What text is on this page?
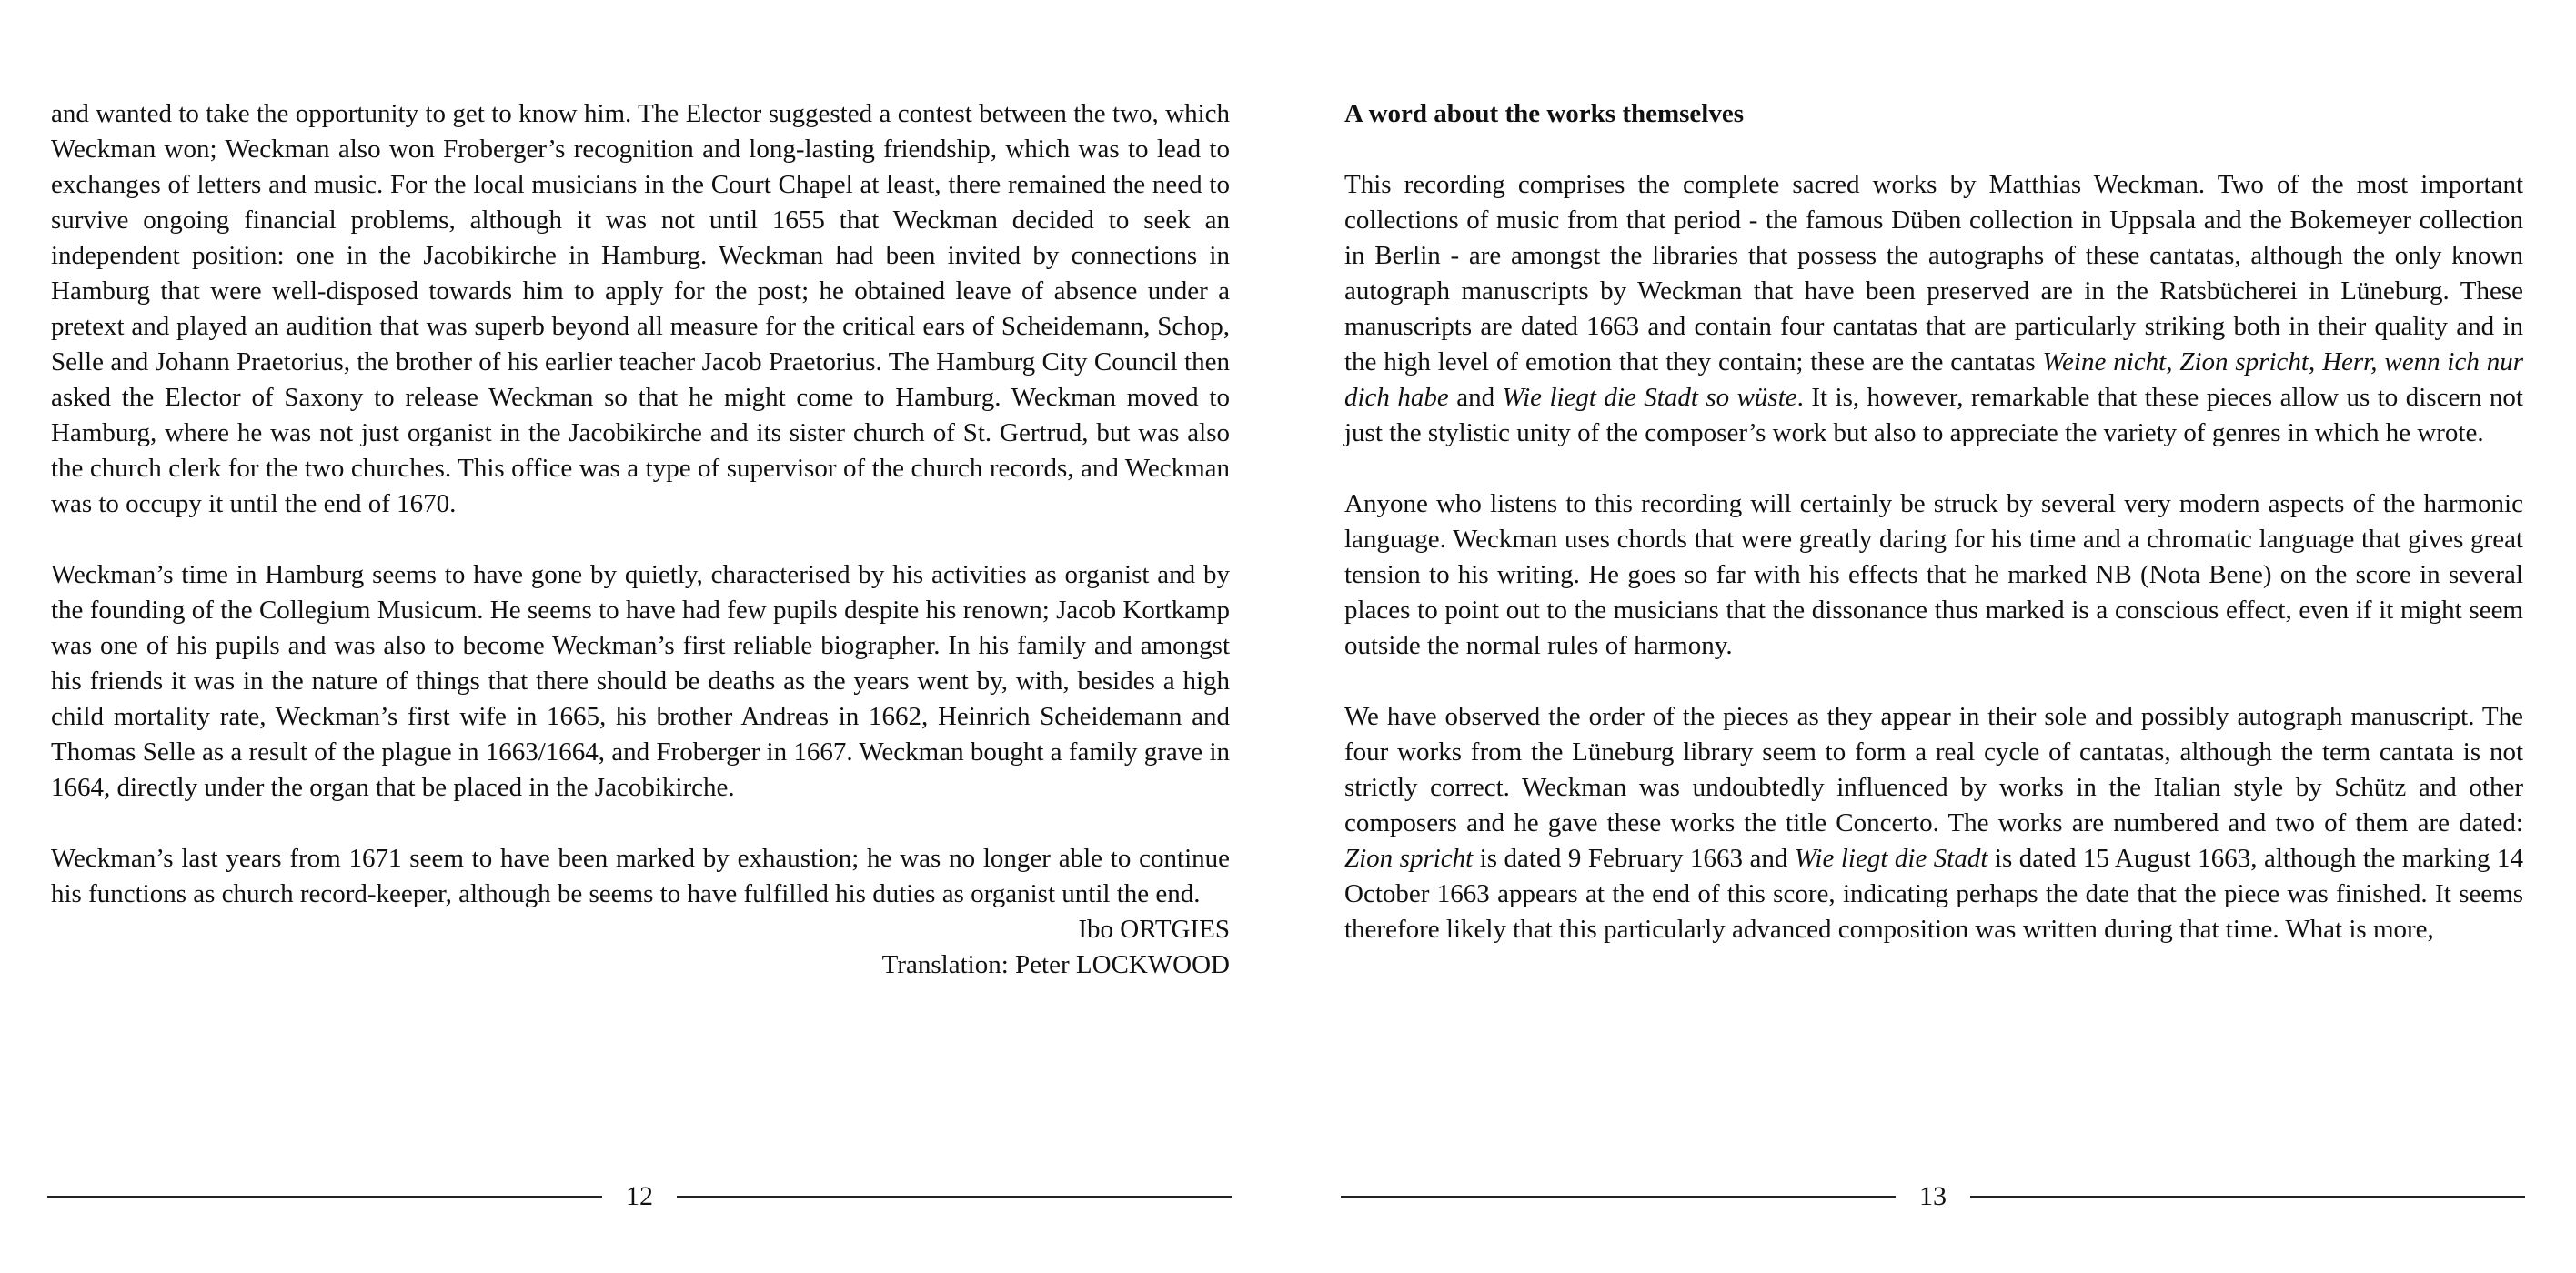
and wanted to take the opportunity to get to know him. The Elector suggested a contest between the two, which Weckman won; Weckman also won Froberger’s recognition and long-lasting friendship, which was to lead to exchanges of letters and music. For the local musicians in the Court Chapel at least, there remained the need to survive ongoing financial problems, although it was not until 1655 that Weckman decided to seek an independent position: one in the Jacobikirche in Hamburg. Weckman had been invited by connections in Hamburg that were well-disposed towards him to apply for the post; he obtained leave of absence under a pretext and played an audition that was superb beyond all measure for the critical ears of Scheidemann, Schop, Selle and Johann Praetorius, the brother of his earlier teacher Jacob Praetorius. The Hamburg City Council then asked the Elector of Saxony to release Weckman so that he might come to Hamburg. Weckman moved to Hamburg, where he was not just organist in the Jacobikirche and its sister church of St. Gertrud, but was also the church clerk for the two churches. This office was a type of supervisor of the church records, and Weckman was to occupy it until the end of 1670.

Weckman’s time in Hamburg seems to have gone by quietly, characterised by his activities as organist and by the founding of the Collegium Musicum. He seems to have had few pupils despite his renown; Jacob Kortkamp was one of his pupils and was also to become Weckman’s first reliable biographer. In his family and amongst his friends it was in the nature of things that there should be deaths as the years went by, with, besides a high child mortality rate, Weckman’s first wife in 1665, his brother Andreas in 1662, Heinrich Scheidemann and Thomas Selle as a result of the plague in 1663/1664, and Froberger in 1667. Weckman bought a family grave in 1664, directly under the organ that be placed in the Jacobikirche.

Weckman’s last years from 1671 seem to have been marked by exhaustion; he was no longer able to continue his functions as church record-keeper, although be seems to have fulfilled his duties as organist until the end.

Ibo ORTGIES

Translation: Peter LOCKWOOD

12

A word about the works themselves

This recording comprises the complete sacred works by Matthias Weckman. Two of the most important collections of music from that period - the famous Düben collection in Uppsala and the Bokemeyer collection in Berlin - are amongst the libraries that possess the autographs of these cantatas, although the only known autograph manuscripts by Weckman that have been preserved are in the Ratsbücherei in Lüneburg. These manuscripts are dated 1663 and contain four cantatas that are particularly striking both in their quality and in the high level of emotion that they contain; these are the cantatas Weine nicht, Zion spricht, Herr, wenn ich nur dich habe and Wie liegt die Stadt so wüste. It is, however, remarkable that these pieces allow us to discern not just the stylistic unity of the composer’s work but also to appreciate the variety of genres in which he wrote.

Anyone who listens to this recording will certainly be struck by several very modern aspects of the harmonic language. Weckman uses chords that were greatly daring for his time and a chromatic language that gives great tension to his writing. He goes so far with his effects that he marked NB (Nota Bene) on the score in several places to point out to the musicians that the dissonance thus marked is a conscious effect, even if it might seem outside the normal rules of harmony.

We have observed the order of the pieces as they appear in their sole and possibly autograph manuscript. The four works from the Lüneburg library seem to form a real cycle of cantatas, although the term cantata is not strictly correct. Weckman was undoubtedly influenced by works in the Italian style by Schütz and other composers and he gave these works the title Concerto. The works are numbered and two of them are dated: Zion spricht is dated 9 February 1663 and Wie liegt die Stadt is dated 15 August 1663, although the marking 14 October 1663 appears at the end of this score, indicating perhaps the date that the piece was finished. It seems therefore likely that this particularly advanced composition was written during that time. What is more,

13
